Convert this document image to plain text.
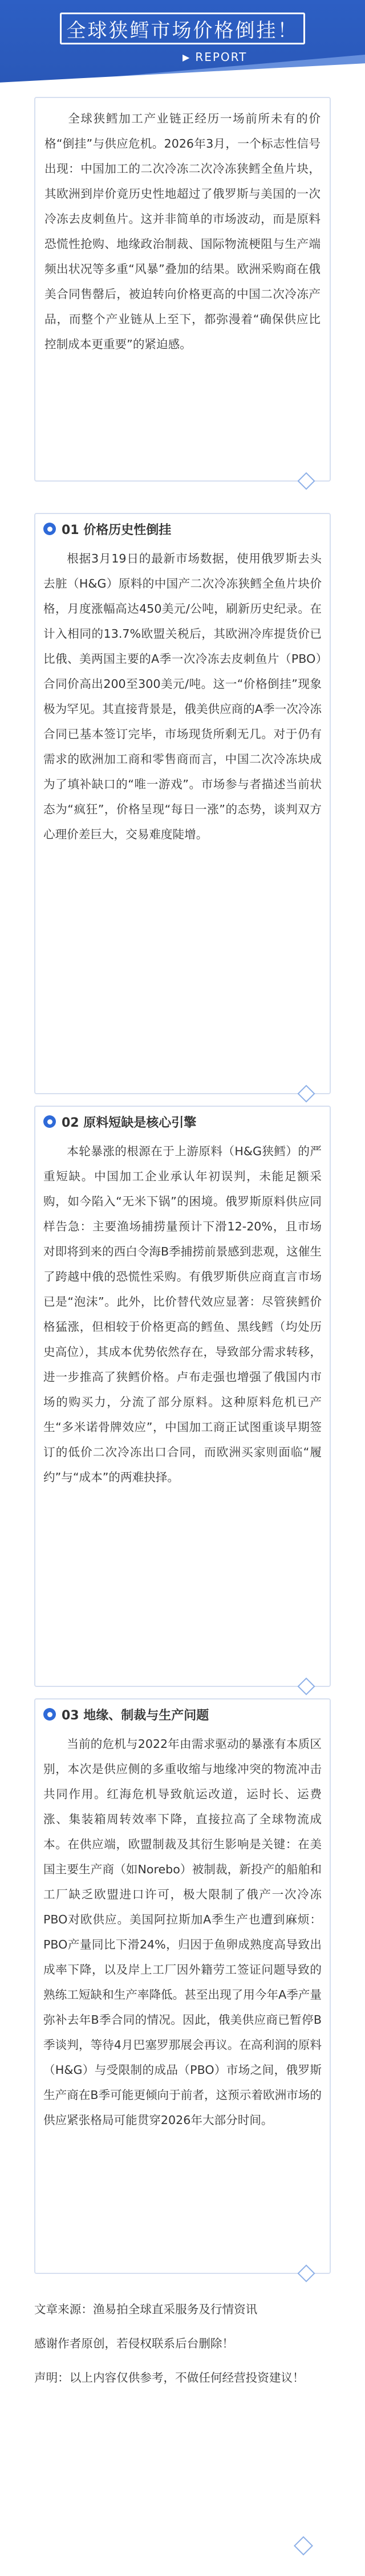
全球狭鳕市场价格倒挂！
▶ REPORT

全球狭鳕加工产业链正经历一场前所未有的价格“倒挂”与供应危机。2026年3月，一个标志性信号出现：中国加工的二次冷冻二次冷冻狭鳕全鱼片块，其欧洲到岸价竟历史性地超过了俄罗斯与美国的一次冷冻去皮刺鱼片。这并非简单的市场波动，而是原料恐慌性抢购、地缘政治制裁、国际物流梗阻与生产端频出状况等多重“风暴”叠加的结果。欧洲采购商在俄美合同售罄后，被迫转向价格更高的中国二次冷冻产品，而整个产业链从上至下，都弥漫着“确保供应比控制成本更重要”的紧迫感。

01 价格历史性倒挂

根据3月19日的最新市场数据，使用俄罗斯去头去脏（H&G）原料的中国产二次冷冻狭鳕全鱼片块价格，月度涨幅高达450美元/公吨，刷新历史纪录。在计入相同的13.7%欧盟关税后，其欧洲冷库提货价已比俄、美两国主要的A季一次冷冻去皮刺鱼片（PBO）合同价高出200至300美元/吨。这一“价格倒挂”现象极为罕见。其直接背景是，俄美供应商的A季一次冷冻合同已基本签订完毕，市场现货所剩无几。对于仍有需求的欧洲加工商和零售商而言，中国二次冷冻块成为了填补缺口的“唯一游戏”。市场参与者描述当前状态为“疯狂”，价格呈现“每日一涨”的态势，谈判双方心理价差巨大，交易难度陡增。

02 原料短缺是核心引擎

本轮暴涨的根源在于上游原料（H&G狭鳕）的严重短缺。中国加工企业承认年初误判，未能足额采购，如今陷入“无米下锅”的困境。俄罗斯原料供应同样告急：主要渔场捕捞量预计下滑12-20%，且市场对即将到来的西白令海B季捕捞前景感到悲观，这催生了跨越中俄的恐慌性采购。有俄罗斯供应商直言市场已是“泡沫”。此外，比价替代效应显著：尽管狭鳕价格猛涨，但相较于价格更高的鳕鱼、黑线鳕（均处历史高位），其成本优势依然存在，导致部分需求转移，进一步推高了狭鳕价格。卢布走强也增强了俄国内市场的购买力，分流了部分原料。这种原料危机已产生“多米诺骨牌效应”，中国加工商正试图重谈早期签订的低价二次冷冻出口合同，而欧洲买家则面临“履约”与“成本”的两难抉择。

03 地缘、制裁与生产问题

当前的危机与2022年由需求驱动的暴涨有本质区别，本次是供应侧的多重收缩与地缘冲突的物流冲击共同作用。红海危机导致航运改道，运时长、运费涨、集装箱周转效率下降，直接拉高了全球物流成本。在供应端，欧盟制裁及其衍生影响是关键：在美国主要生产商（如Norebo）被制裁，新投产的船舶和工厂缺乏欧盟进口许可，极大限制了俄产一次冷冻PBO对欧供应。美国阿拉斯加A季生产也遭到麻烦：PBO产量同比下滑24%，归因于鱼卵成熟度高导致出成率下降，以及岸上工厂因外籍劳工签证问题导致的熟练工短缺和生产率降低。甚至出现了用今年A季产量弥补去年B季合同的情况。因此，俄美供应商已暂停B季谈判，等待4月巴塞罗那展会再议。在高利润的原料（H&G）与受限制的成品（PBO）市场之间，俄罗斯生产商在B季可能更倾向于前者，这预示着欧洲市场的供应紧张格局可能贯穿2026年大部分时间。

文章来源：渔易拍全球直采服务及行情资讯

感谢作者原创，若侵权联系后台删除！

声明：以上内容仅供参考，不做任何经营投资建议！
